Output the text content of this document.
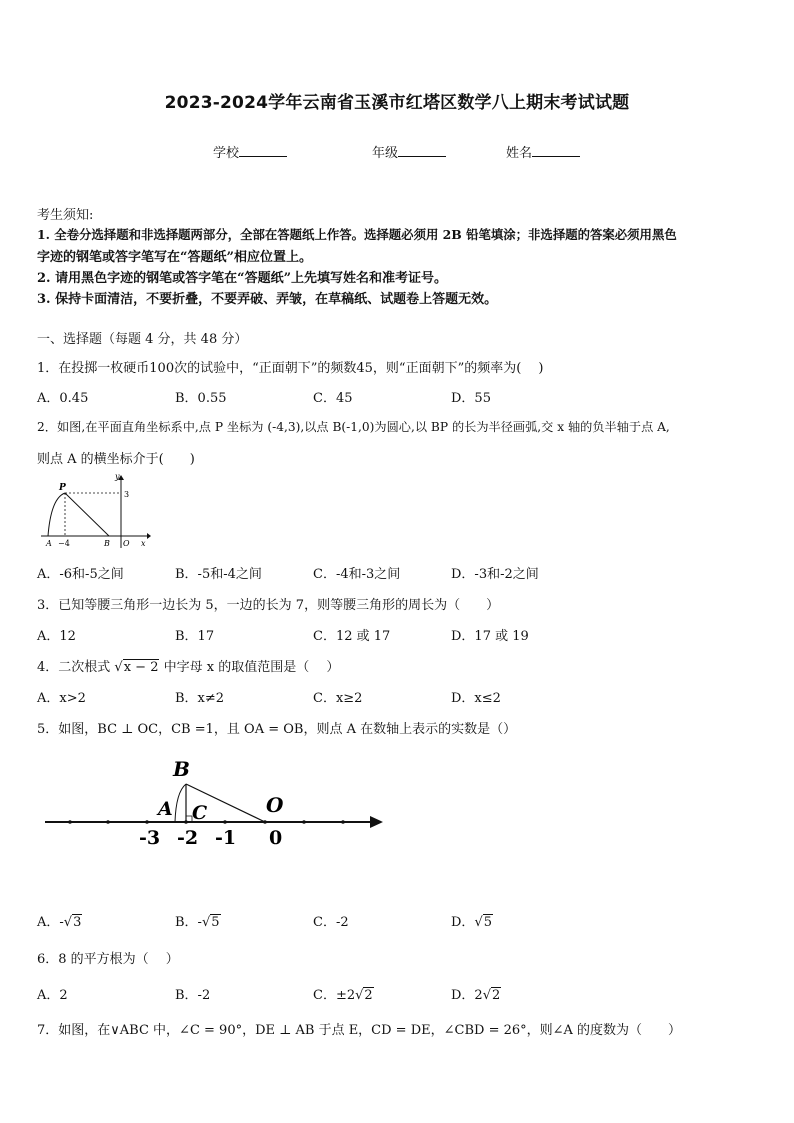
2023-2024学年云南省玉溪市红塔区数学八上期末考试试题
学校	年级	姓名
考生须知:
1. 全卷分选择题和非选择题两部分，全部在答题纸上作答。选择题必须用 2B 铅笔填涂；非选择题的答案必须用黑色
字迹的钢笔或答字笔写在“答题纸”相应位置上。
2. 请用黑色字迹的钢笔或答字笔在“答题纸”上先填写姓名和准考证号。
3. 保持卡面清洁，不要折叠，不要弄破、弄皱，在草稿纸、试题卷上答题无效。
一、选择题（每题 4 分，共 48 分）
1．在投掷一枚硬币100次的试验中，“正面朝下”的频数45，则“正面朝下”的频率为(　 )
A．0.45	B．0.55	C．45	D．55
2．如图,在平面直角坐标系中,点 P 坐标为 (-4,3),以点 B(-1,0)为圆心,以 BP 的长为半径画弧,交 x 轴的负半轴于点 A,
则点 A 的横坐标介于(　　)
P
y
3
A −4	B O x
A．-6和-5之间	B．-5和-4之间	C．-4和-3之间	D．-3和-2之间
3．已知等腰三角形一边长为 5，一边的长为 7，则等腰三角形的周长为（　　）
A．12	B．17	C．12 或 17	D．17 或 19
4．二次根式 √x − 2 中字母 x 的取值范围是（　 ）
A．x>2	B．x≠2	C．x≥2	D．x≤2
5．如图，BC ⊥ OC，CB =1，且 OA = OB，则点 A 在数轴上表示的实数是（）
B
A C	O
-3 -2 -1 0
A．-√3	B．-√5	C．-2	D．√5
6．8 的平方根为（　 ）
A．2	B．-2	C．±2√2	D．2√2
7．如图，在∨ABC 中，∠C = 90°，DE ⊥ AB 于点 E，CD = DE，∠CBD = 26°，则∠A 的度数为（　　）
